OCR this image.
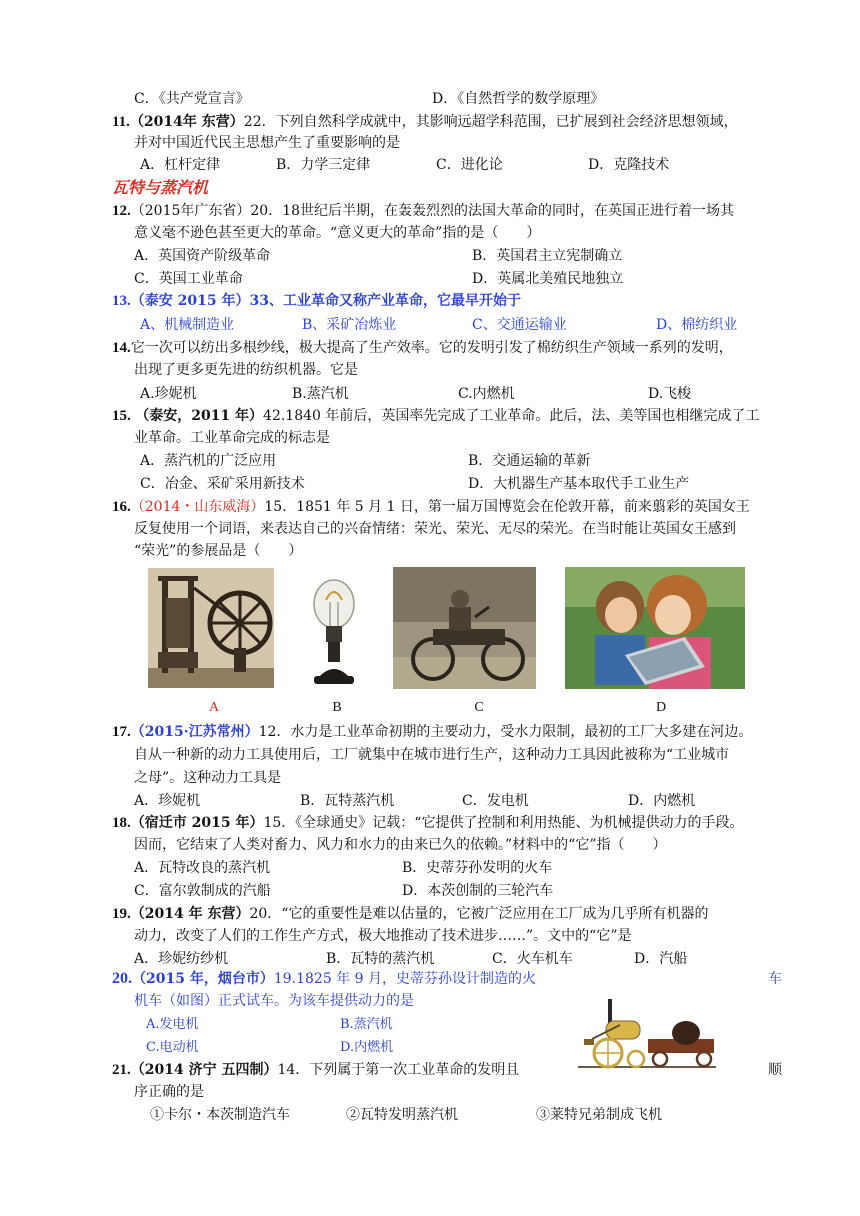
C．《共产党宣言》	D．《自然哲学的数学原理》
11.（2014年 东营）22．下列自然科学成就中，其影响远超学科范围，已扩展到社会经济思想领域，
并对中国近代民主思想产生了重要影响的是
A．杠杆定律	B．力学三定律	C．进化论	D．克隆技术
瓦特与蒸汽机
12.（2015年广东省）20．18世纪后半期，在轰轰烈烈的法国大革命的同时，在英国正进行着一场其
意义毫不逊色甚至更大的革命。“意义更大的革命”指的是（　　）
A．英国资产阶级革命	B．英国君主立宪制确立
C．英国工业革命	D．英属北美殖民地独立
13.（泰安 2015 年）33、工业革命又称产业革命，它最早开始于
A、机械制造业	B、采矿冶炼业	C、交通运输业	D、棉纺织业
14.它一次可以纺出多根纱线，极大提高了生产效率。它的发明引发了棉纺织生产领域一系列的发明，
出现了更多更先进的纺织机器。它是
A.珍妮机	B.蒸汽机	C.内燃机	D.飞梭
15. （泰安，2011 年）42.1840 年前后，英国率先完成了工业革命。此后，法、美等国也相继完成了工
业革命。工业革命完成的标志是
A．蒸汽机的广泛应用	B．交通运输的革新
C．冶金、采矿采用新技术	D．大机器生产基本取代手工业生产
16.（2014・山东威海）15．1851 年 5 月 1 日，第一届万国博览会在伦敦开幕，前来翦彩的英国女王
反复使用一个词语，来表达自己的兴奋情绪：荣光、荣光、无尽的荣光。在当时能让英国女王感到
“荣光”的参展品是（　　）
A	B	C	D
17.（2015·江苏常州）12．水力是工业革命初期的主要动力，受水力限制，最初的工厂大多建在河边。
自从一种新的动力工具使用后，工厂就集中在城市进行生产，这种动力工具因此被称为“工业城市
之母”。这种动力工具是
A．珍妮机	B．瓦特蒸汽机	C．发电机	D．内燃机
18.（宿迁市 2015 年）15．《全球通史》记载：“它提供了控制和利用热能、为机械提供动力的手段。
因而，它结束了人类对畜力、风力和水力的由来已久的依赖。”材料中的“它”指（　　）
A．瓦特改良的蒸汽机	B．史蒂芬孙发明的火车
C．富尔敦制成的汽船	D．本茨创制的三轮汽车
19.（2014 年 东营）20．“它的重要性是难以估量的，它被广泛应用在工厂成为几乎所有机器的
动力，改变了人们的工作生产方式，极大地推动了技术进步……”。文中的“它”是
A．珍妮纺纱机	B．瓦特的蒸汽机	C．火车机车	D．汽船
20.（2015 年，烟台市）19.1825 年 9 月，史蒂芬孙设计制造的火	车
机车（如图）正式试车。为该车提供动力的是
A.发电机	B.蒸汽机
C.电动机	D.内燃机
21.（2014 济宁 五四制）14．下列属于第一次工业革命的发明且	顺
序正确的是
①卡尔・本茨制造汽车	②瓦特发明蒸汽机	③莱特兄弟制成飞机
